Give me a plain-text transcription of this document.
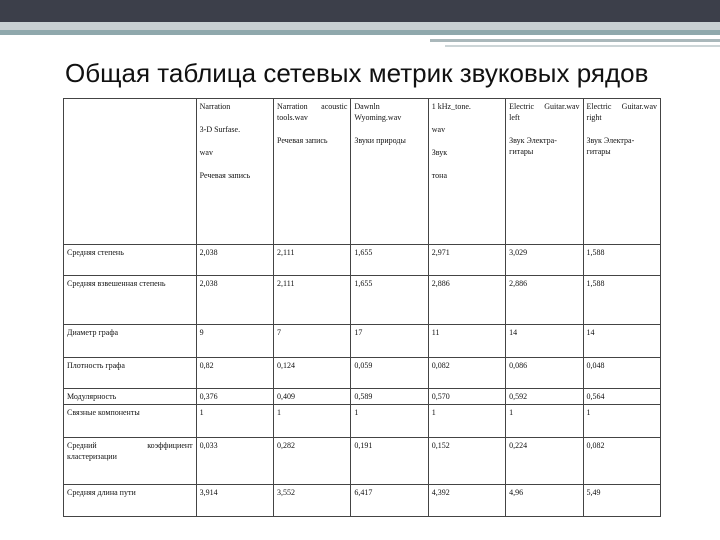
Общая таблица сетевых метрик звуковых рядов

	Narration
3-D Surfase.
wav
Речевая запись	Narration acoustic tools.wav
Речевая запись	Dawnln Wyoming.wav
Звуки природы	1 kHz_tone.
wav
Звук
тона	Electric Guitar.wav left
Звук Электра-гитары	Electric Guitar.wav right
Звук Электра-гитары

Средняя степень	2,038	2,111	1,655	2,971	3,029	1,588
Средняя взвешенная степень	2,038	2,111	1,655	2,886	2,886	1,588
Диаметр графа	9	7	17	11	14	14
Плотность графа	0,82	0,124	0,059	0,082	0,086	0,048
Модулярность	0,376	0,409	0,589	0,570	0,592	0,564
Связные компоненты	1	1	1	1	1	1
Средний коэффициент кластеризации	0,033	0,282	0,191	0,152	0,224	0,082
Средняя длина пути	3,914	3,552	6,417	4,392	4,96	5,49
